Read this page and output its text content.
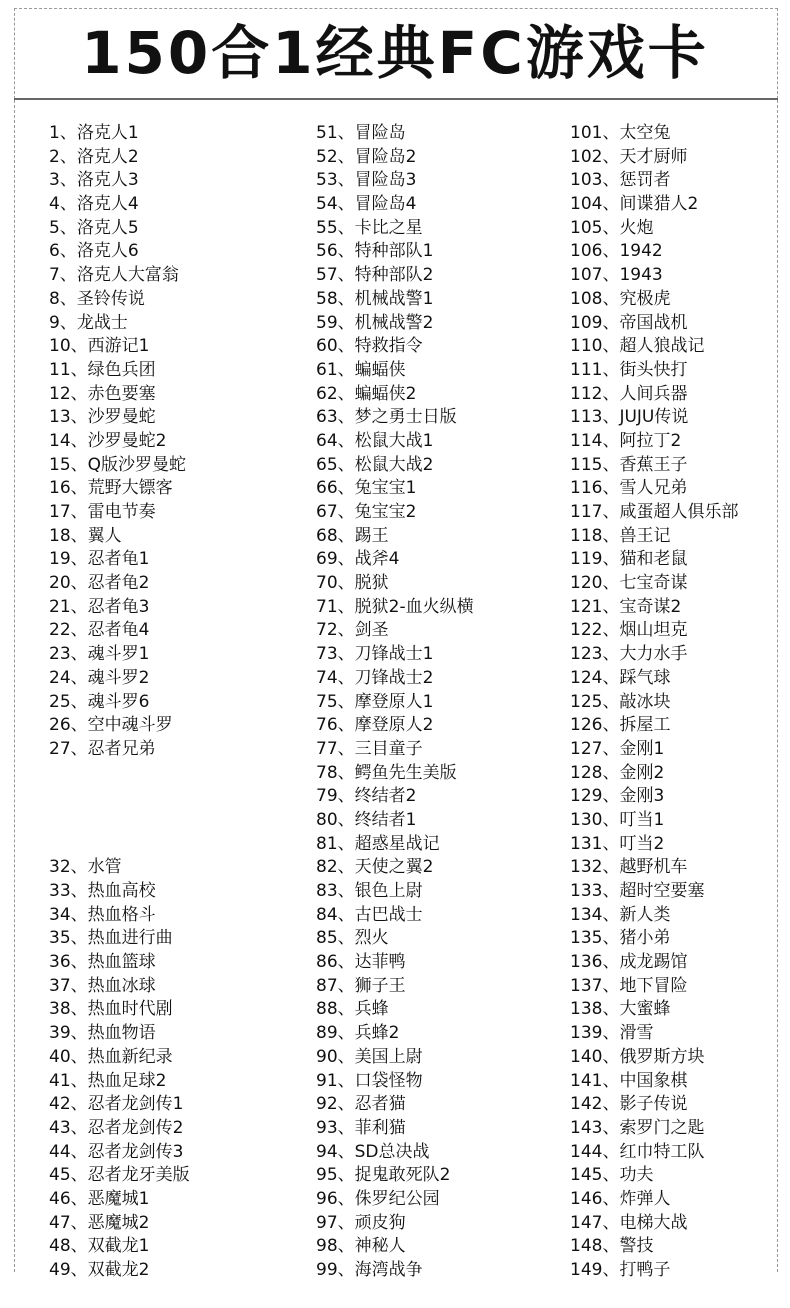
150合1经典FC游戏卡
1、洛克人1
2、洛克人2
3、洛克人3
4、洛克人4
5、洛克人5
6、洛克人6
7、洛克人大富翁
8、圣铃传说
9、龙战士
10、西游记1
11、绿色兵团
12、赤色要塞
13、沙罗曼蛇
14、沙罗曼蛇2
15、Q版沙罗曼蛇
16、荒野大镖客
17、雷电节奏
18、翼人
19、忍者龟1
20、忍者龟2
21、忍者龟3
22、忍者龟4
23、魂斗罗1
24、魂斗罗2
25、魂斗罗6
26、空中魂斗罗
27、忍者兄弟
32、水管
33、热血高校
34、热血格斗
35、热血进行曲
36、热血篮球
37、热血冰球
38、热血时代剧
39、热血物语
40、热血新纪录
41、热血足球2
42、忍者龙剑传1
43、忍者龙剑传2
44、忍者龙剑传3
45、忍者龙牙美版
46、恶魔城1
47、恶魔城2
48、双截龙1
49、双截龙2
51、冒险岛
52、冒险岛2
53、冒险岛3
54、冒险岛4
55、卡比之星
56、特种部队1
57、特种部队2
58、机械战警1
59、机械战警2
60、特救指令
61、蝙蝠侠
62、蝙蝠侠2
63、梦之勇士日版
64、松鼠大战1
65、松鼠大战2
66、兔宝宝1
67、兔宝宝2
68、踢王
69、战斧4
70、脱狱
71、脱狱2-血火纵横
72、剑圣
73、刀锋战士1
74、刀锋战士2
75、摩登原人1
76、摩登原人2
77、三目童子
78、鳄鱼先生美版
79、终结者2
80、终结者1
81、超惑星战记
82、天使之翼2
83、银色上尉
84、古巴战士
85、烈火
86、达菲鸭
87、狮子王
88、兵蜂
89、兵蜂2
90、美国上尉
91、口袋怪物
92、忍者猫
93、菲利猫
94、SD总决战
95、捉鬼敢死队2
96、侏罗纪公园
97、顽皮狗
98、神秘人
99、海湾战争
101、太空兔
102、天才厨师
103、惩罚者
104、间谍猎人2
105、火炮
106、1942
107、1943
108、究极虎
109、帝国战机
110、超人狼战记
111、街头快打
112、人间兵器
113、JUJU传说
114、阿拉丁2
115、香蕉王子
116、雪人兄弟
117、咸蛋超人俱乐部
118、兽王记
119、猫和老鼠
120、七宝奇谋
121、宝奇谋2
122、烟山坦克
123、大力水手
124、踩气球
125、敲冰块
126、拆屋工
127、金刚1
128、金刚2
129、金刚3
130、叮当1
131、叮当2
132、越野机车
133、超时空要塞
134、新人类
135、猪小弟
136、成龙踢馆
137、地下冒险
138、大蜜蜂
139、滑雪
140、俄罗斯方块
141、中国象棋
142、影子传说
143、索罗门之匙
144、红巾特工队
145、功夫
146、炸弹人
147、电梯大战
148、警技
149、打鸭子
